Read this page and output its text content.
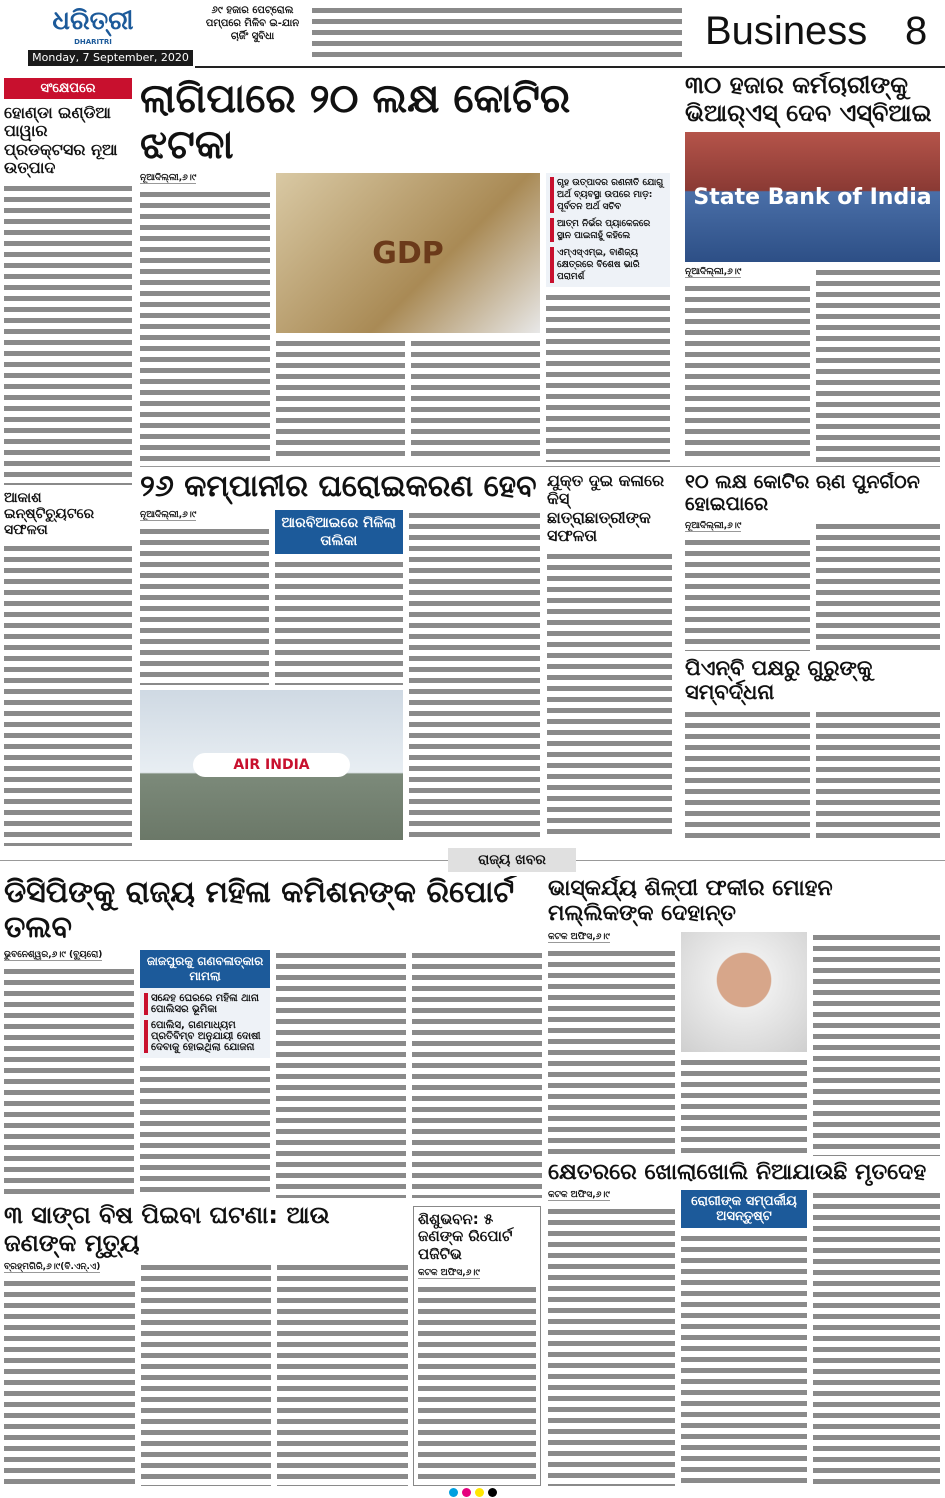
ଧରିତ୍ରୀ
DHARITRI
Monday, 7 September, 2020
୬୯ ହଜାର ପେଟ୍ରୋଲ ପମ୍ପରେ ମିଳିବ ଇ-ଯାନ ଚାର୍ଜିଂ ସୁବିଧା	Business 8
ସଂକ୍ଷେପରେ
ହୋଣ୍ଡା ଇଣ୍ଡିଆ ପାୱାର ପ୍ରଡକ୍ଟସର ନୂଆ ଉତ୍ପାଦ
ଆକାଶ ଇନ୍‌ଷ୍ଟିଚ୍ୟୁଟରେ ସଫଳତା
ଲାଗିପାରେ ୨୦ ଲକ୍ଷ କୋଟିର ଝଟକା
ନୂଆଦିଲ୍ଲୀ,୬।୯
GDP
ଗୃହ ଉତ୍ପାଦର ରଣନୀତି ଯୋଗୁ ଅର୍ଥ ବ୍ୟବସ୍ଥା ଉପରେ ମାଡ଼: ପୂର୍ବତନ ଅର୍ଥ ସଚିବ
ଆତ୍ମ ନିର୍ଭର ପ୍ୟାକେଜରେ ସ୍ଥାନ ପାଇନାହୁଁ କହିଲେ
ଏମ୍‌ଏସ୍‌ଏମ୍‌ଇ, ବାଣିଜ୍ୟ କ୍ଷେତ୍ରରେ ବିଶେଷ ଭାରି ପରାମର୍ଶ
୩୦ ହଜାର କର୍ମଚାରୀଙ୍କୁ ଭିଆର୍‌ଏସ୍ ଦେବ ଏସ୍‌ବିଆଇ
State Bank of India
ନୂଆଦିଲ୍ଲୀ,୬।୯
୨୬ କମ୍ପାନୀର ଘରୋଇକରଣ ହେବ
ନୂଆଦିଲ୍ଲୀ,୬।୯	ଆରବିଆଇରେ ମିଳିଲା ତାଲିକା
AIR INDIA
ଯୁକ୍ତ ଦୁଇ କଳାରେ କିସ୍ ଛାତ୍ରାଛାତ୍ରୀଙ୍କ ସଫଳତା
୧୦ ଲକ୍ଷ କୋଟିର ଋଣ ପୁନର୍ଗଠନ ହୋଇପାରେ
ନୂଆଦିଲ୍ଲୀ,୬।୯
ପିଏନ୍‌ବି ପକ୍ଷରୁ ଗୁରୁଙ୍କୁ ସମ୍ବର୍ଦ୍ଧନା
ରାଜ୍ୟ ଖବର
ଡିସିପିଙ୍କୁ ରାଜ୍ୟ ମହିଳା କମିଶନଙ୍କ ରିପୋର୍ଟ ତଲବ
ଭୁବନେଶ୍ୱର,୬।୯ (ବ୍ୟୁରୋ)	ଜାଜପୁରକୁ ଗଣବଳାତ୍କାର ମାମଲା
ସନ୍ଦେହ ଘେରରେ ମହିଳା ଥାନା ପୋଲିସର ଭୂମିକା
ପୋଲିସ, ଗଣମାଧ୍ୟମ ପ୍ରତିବିମ୍ବ ଅନୁଯାୟୀ ଦୋଷୀ ଦେବାକୁ ହୋଇଥିଲା ଯୋଜନା
ଭାସ୍କର୍ଯ୍ୟ ଶିଳ୍ପୀ ଫକୀର ମୋହନ ମଲ୍ଲିକଙ୍କ ଦେହାନ୍ତ
କଟକ ଅଫିସ,୬।୯
କ୍ଷେତରରେ ଖୋଲାଖୋଲି ନିଆଯାଉଛି ମୃତଦେହ
କଟକ ଅଫିସ,୬।୯	ରୋଗୀଙ୍କ ସମ୍ପର୍କୀୟ ଅସନ୍ତୁଷ୍ଟ
୩ ସାଙ୍ଗ ବିଷ ପିଇବା ଘଟଣା: ଆଉ ଜଣଙ୍କ ମୃତ୍ୟୁ
ବ୍ରହ୍ମଗିରି,୬।୯(ବି.ଏନ୍.ଏ)
ଶିଶୁଭବନ: ୫ ଜଣଙ୍କ ରିପୋର୍ଟ ପଜିଟିଭ
କଟକ ଅଫିସ,୬।୯
